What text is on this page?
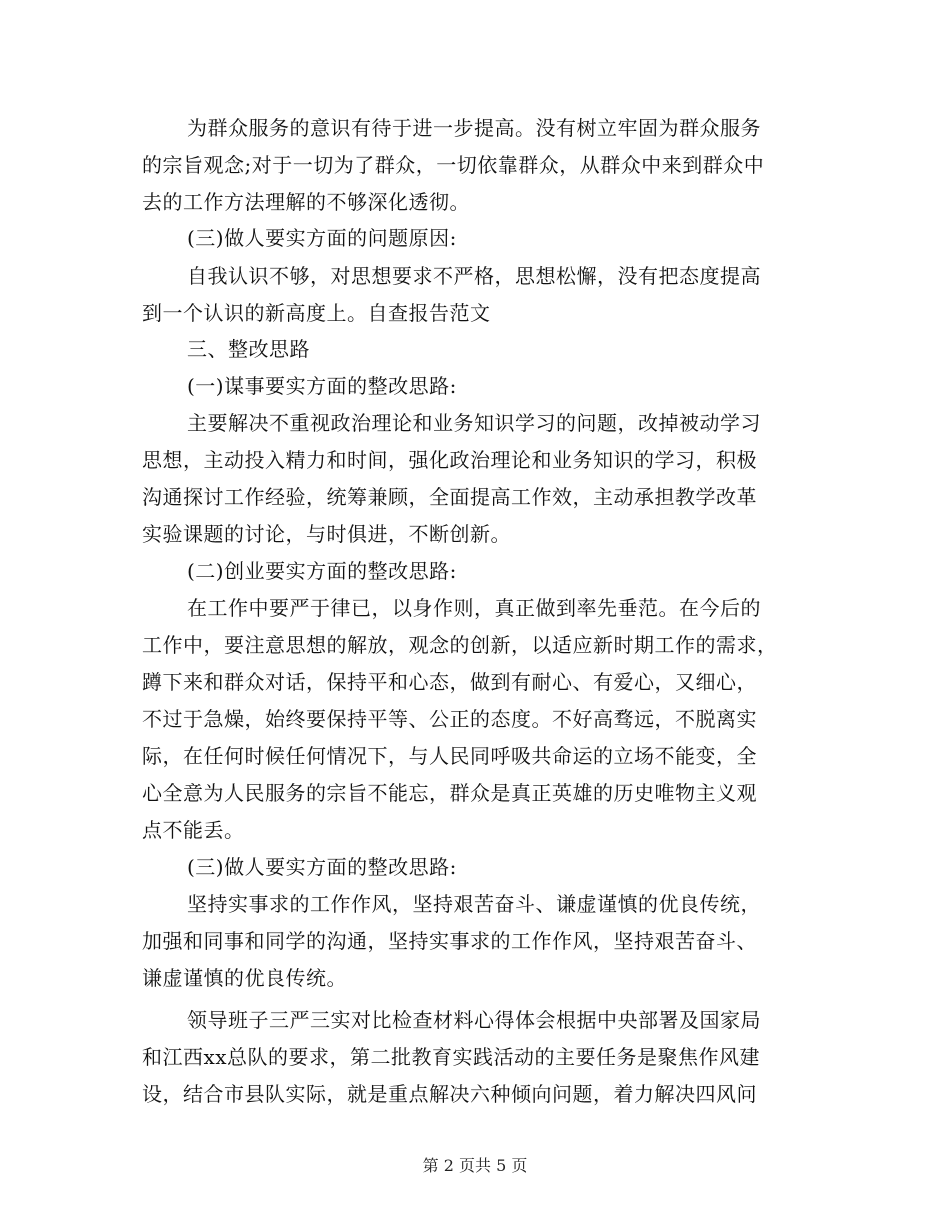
为群众服务的意识有待于进一步提高。没有树立牢固为群众服务
的宗旨观念;对于一切为了群众，一切依靠群众，从群众中来到群众中
去的工作方法理解的不够深化透彻。
(三)做人要实方面的问题原因:
自我认识不够，对思想要求不严格，思想松懈，没有把态度提高
到一个认识的新高度上。自查报告范文
三、整改思路
(一)谋事要实方面的整改思路:
主要解决不重视政治理论和业务知识学习的问题，改掉被动学习
思想，主动投入精力和时间，强化政治理论和业务知识的学习，积极
沟通探讨工作经验，统筹兼顾，全面提高工作效，主动承担教学改革
实验课题的讨论，与时俱进，不断创新。
(二)创业要实方面的整改思路:
在工作中要严于律已，以身作则，真正做到率先垂范。在今后的
工作中，要注意思想的解放，观念的创新，以适应新时期工作的需求，
蹲下来和群众对话，保持平和心态，做到有耐心、有爱心，又细心，
不过于急燥，始终要保持平等、公正的态度。不好高骛远，不脱离实
际，在任何时候任何情况下，与人民同呼吸共命运的立场不能变，全
心全意为人民服务的宗旨不能忘，群众是真正英雄的历史唯物主义观
点不能丢。
(三)做人要实方面的整改思路:
坚持实事求的工作作风，坚持艰苦奋斗、谦虚谨慎的优良传统，
加强和同事和同学的沟通，坚持实事求的工作作风，坚持艰苦奋斗、
谦虚谨慎的优良传统。
领导班子三严三实对比检查材料心得体会根据中央部署及国家局
和江西xx总队的要求，第二批教育实践活动的主要任务是聚焦作风建
设，结合市县队实际，就是重点解决六种倾向问题，着力解决四风问
第 2 页共 5 页
